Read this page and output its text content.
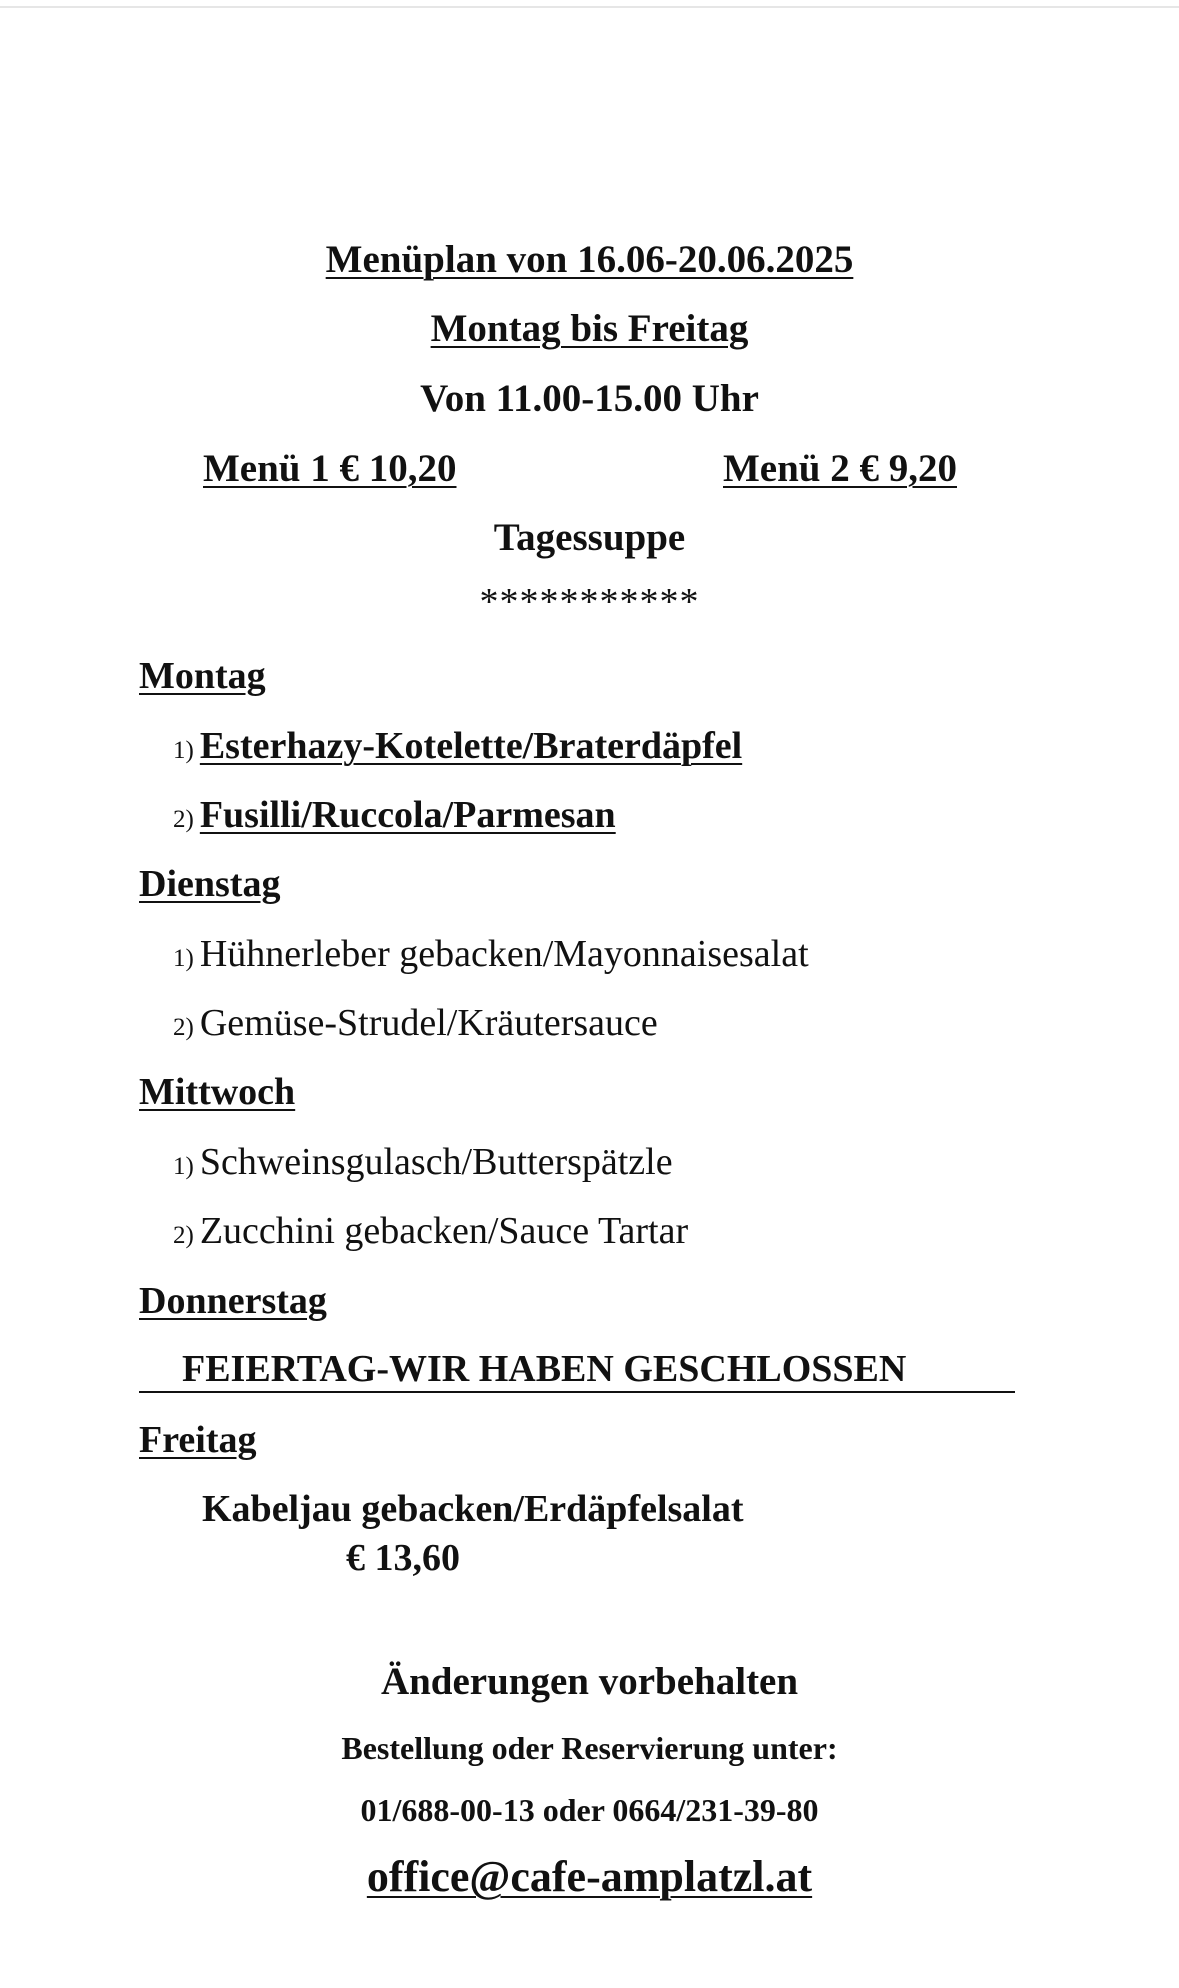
Menüplan von 16.06-20.06.2025
Montag bis Freitag
Von 11.00-15.00 Uhr
Menü 1 € 10,20	Menü 2 € 9,20
Tagessuppe
***********
Montag
1) Esterhazy-Kotelette/Braterdäpfel
2) Fusilli/Ruccola/Parmesan
Dienstag
1) Hühnerleber gebacken/Mayonnaisesalat
2) Gemüse-Strudel/Kräutersauce
Mittwoch
1) Schweinsgulasch/Butterspätzle
2) Zucchini gebacken/Sauce Tartar
Donnerstag
FEIERTAG-WIR HABEN GESCHLOSSEN
Freitag
Kabeljau gebacken/Erdäpfelsalat
€ 13,60
Änderungen vorbehalten
Bestellung oder Reservierung unter:
01/688-00-13 oder 0664/231-39-80
office@cafe-amplatzl.at
